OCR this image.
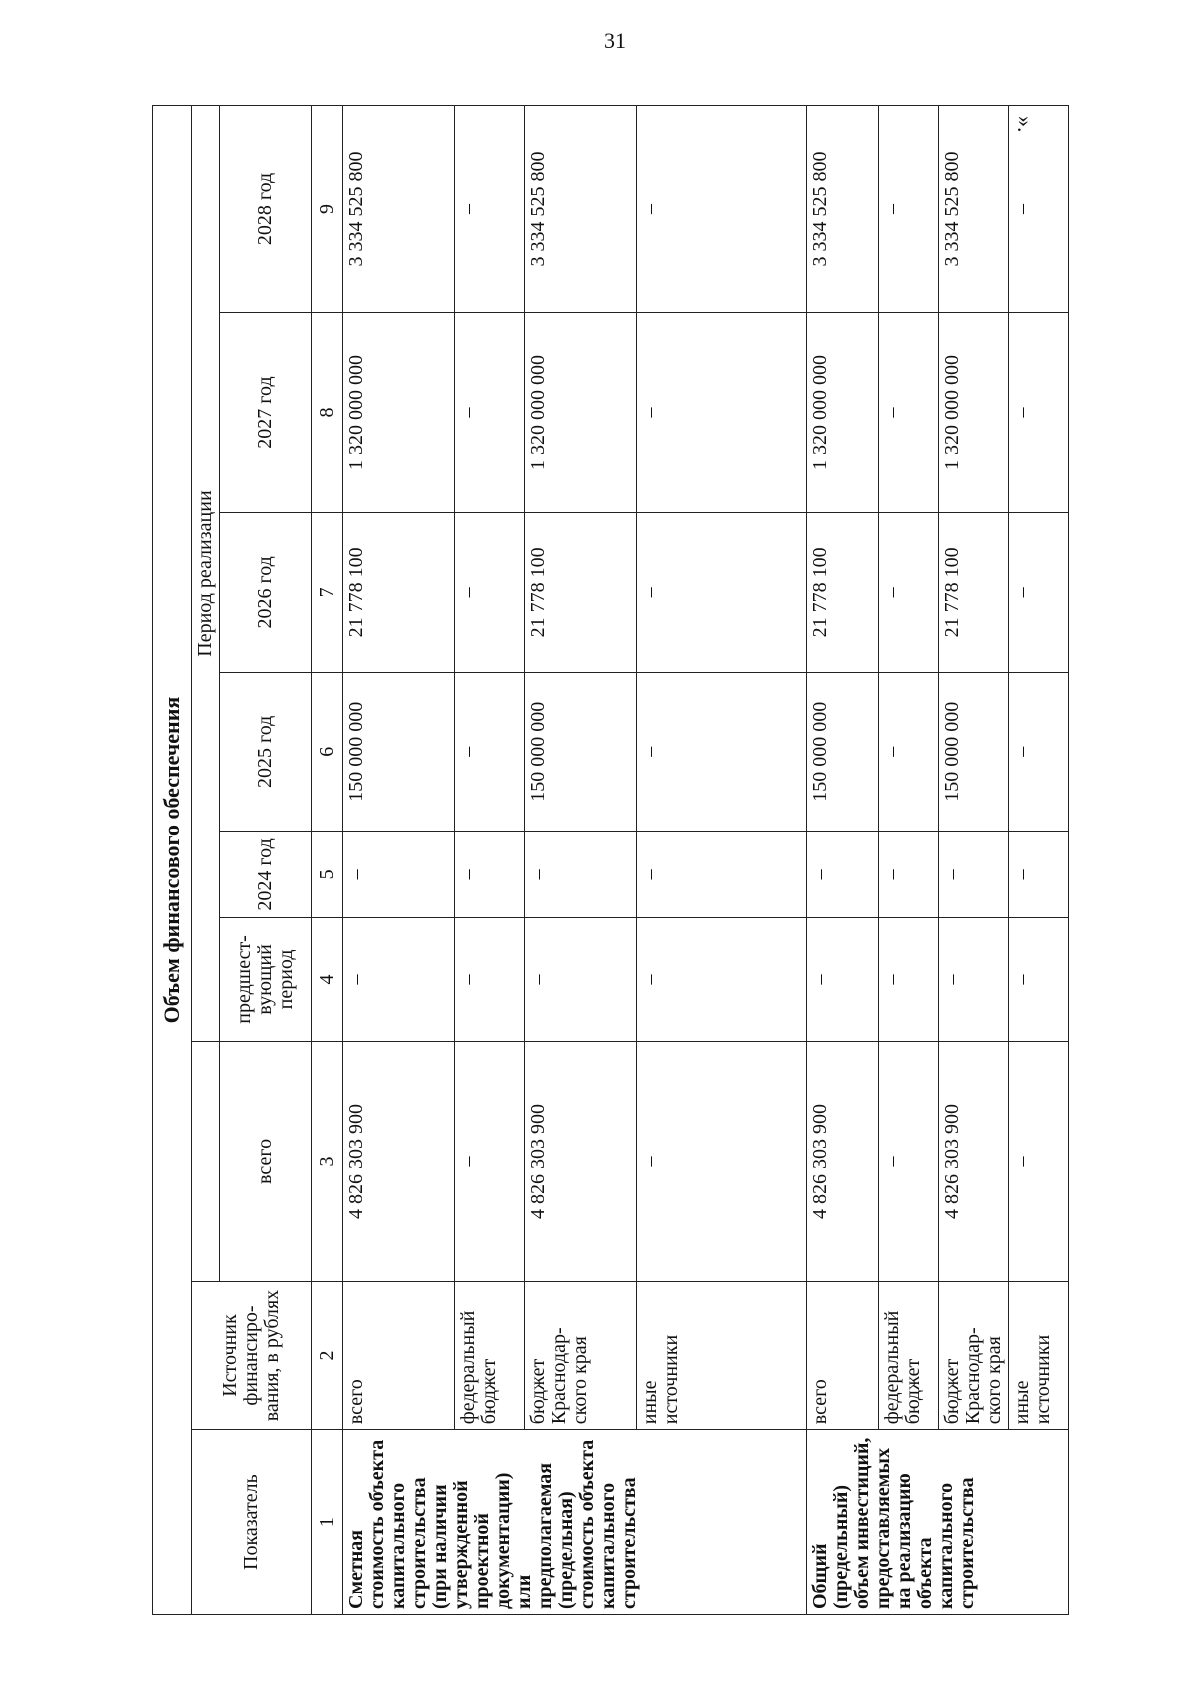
31
».
Объем финансового обеспечения								
Показатель	Источник финансиро-вания, в рублях		Период реализации					
		всего	предшест-вующий период	2024 год	2025 год	2026 год	2027 год	2028 год
1	2	3	4	5	6	7	8	9
Сметная стоимость объекта капитального строительства (при наличии утвержденной проектной документации) или предполагаемая (предельная) стоимость объекта капитального строительства	всего	4 826 303 900	–	–	150 000 000	21 778 100	1 320 000 000	3 334 525 800
	федеральный бюджет	–	–	–	–	–	–	–
	бюджет Краснодар-ского края	4 826 303 900	–	–	150 000 000	21 778 100	1 320 000 000	3 334 525 800
	иные источники	–	–	–	–	–	–	–
Общий (предельный) объем инвестиций, предоставляемых на реализацию объекта капитального строительства	всего	4 826 303 900	–	–	150 000 000	21 778 100	1 320 000 000	3 334 525 800
	федеральный бюджет	–	–	–	–	–	–	–
	бюджет Краснодар-ского края	4 826 303 900	–	–	150 000 000	21 778 100	1 320 000 000	3 334 525 800
	иные источники	–	–	–	–	–	–	–
